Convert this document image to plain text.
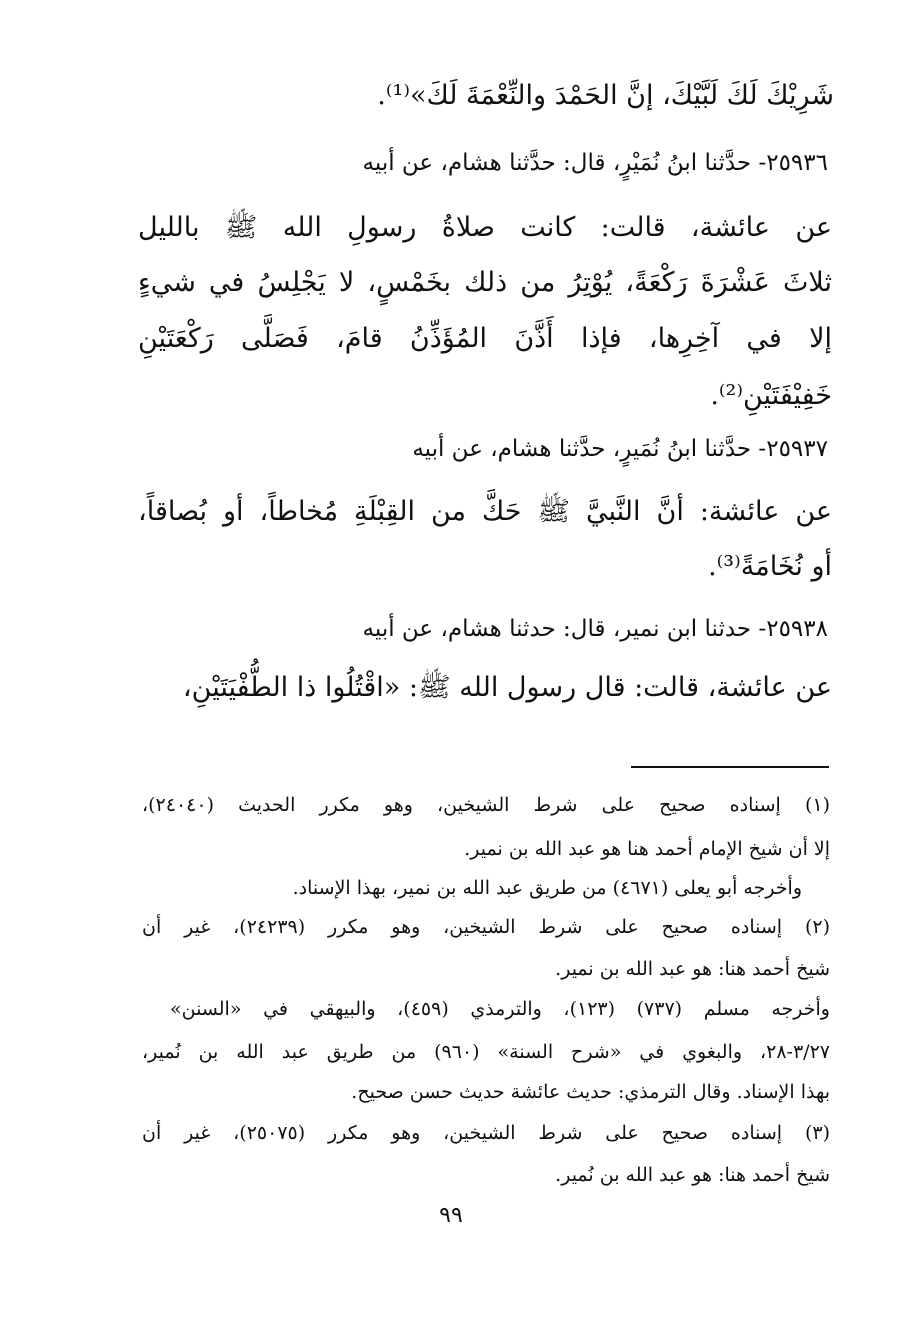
شَرِيْكَ لَكَ لَبَّيْكَ، إنَّ الحَمْدَ والنِّعْمَةَ لَكَ»⁽¹⁾.

٢٥٩٣٦- حدَّثنا ابنُ نُمَيْرٍ، قال: حدَّثنا هشام، عن أبيه

عن عائشة، قالت: كانت صلاةُ رسولِ الله ﷺ بالليل

ثلاثَ عَشْرَةَ رَكْعَةً، يُوْتِرُ من ذلك بخَمْسٍ، لا يَجْلِسُ في شيءٍ

إلا في آخِرِها، فإذا أَذَّنَ المُؤَذِّنُ قامَ، فَصَلَّى رَكْعَتَيْنِ

خَفِيْفَتَيْنِ⁽²⁾.

٢٥٩٣٧- حدَّثنا ابنُ نُمَيرٍ، حدَّثنا هشام، عن أبيه

عن عائشة: أنَّ النَّبيَّ ﷺ حَكَّ من القِبْلَةِ مُخاطاً، أو بُصاقاً،

أو نُخَامَةً⁽³⁾.

٢٥٩٣٨- حدثنا ابن نمير، قال: حدثنا هشام، عن أبيه

عن عائشة، قالت: قال رسول الله ﷺ: «اقْتُلُوا ذا الطُّفْيَتَيْنِ،

(١) إسناده صحيح على شرط الشيخين، وهو مكرر الحديث (٢٤٠٤٠)،

إلا أن شيخ الإمام أحمد هنا هو عبد الله بن نمير.

وأخرجه أبو يعلى (٤٦٧١) من طريق عبد الله بن نمير، بهذا الإسناد.

(٢) إسناده صحيح على شرط الشيخين، وهو مكرر (٢٤٢٣٩)، غير أن

شيخ أحمد هنا: هو عبد الله بن نمير.

وأخرجه مسلم (٧٣٧) (١٢٣)، والترمذي (٤٥٩)، والبيهقي في «السنن»

٣/٢٧-٢٨، والبغوي في «شرح السنة» (٩٦٠) من طريق عبد الله بن نُمير،

بهذا الإسناد. وقال الترمذي: حديث عائشة حديث حسن صحيح.

(٣) إسناده صحيح على شرط الشيخين، وهو مكرر (٢٥٠٧٥)، غير أن

شيخ أحمد هنا: هو عبد الله بن نُمير.

٩٩
